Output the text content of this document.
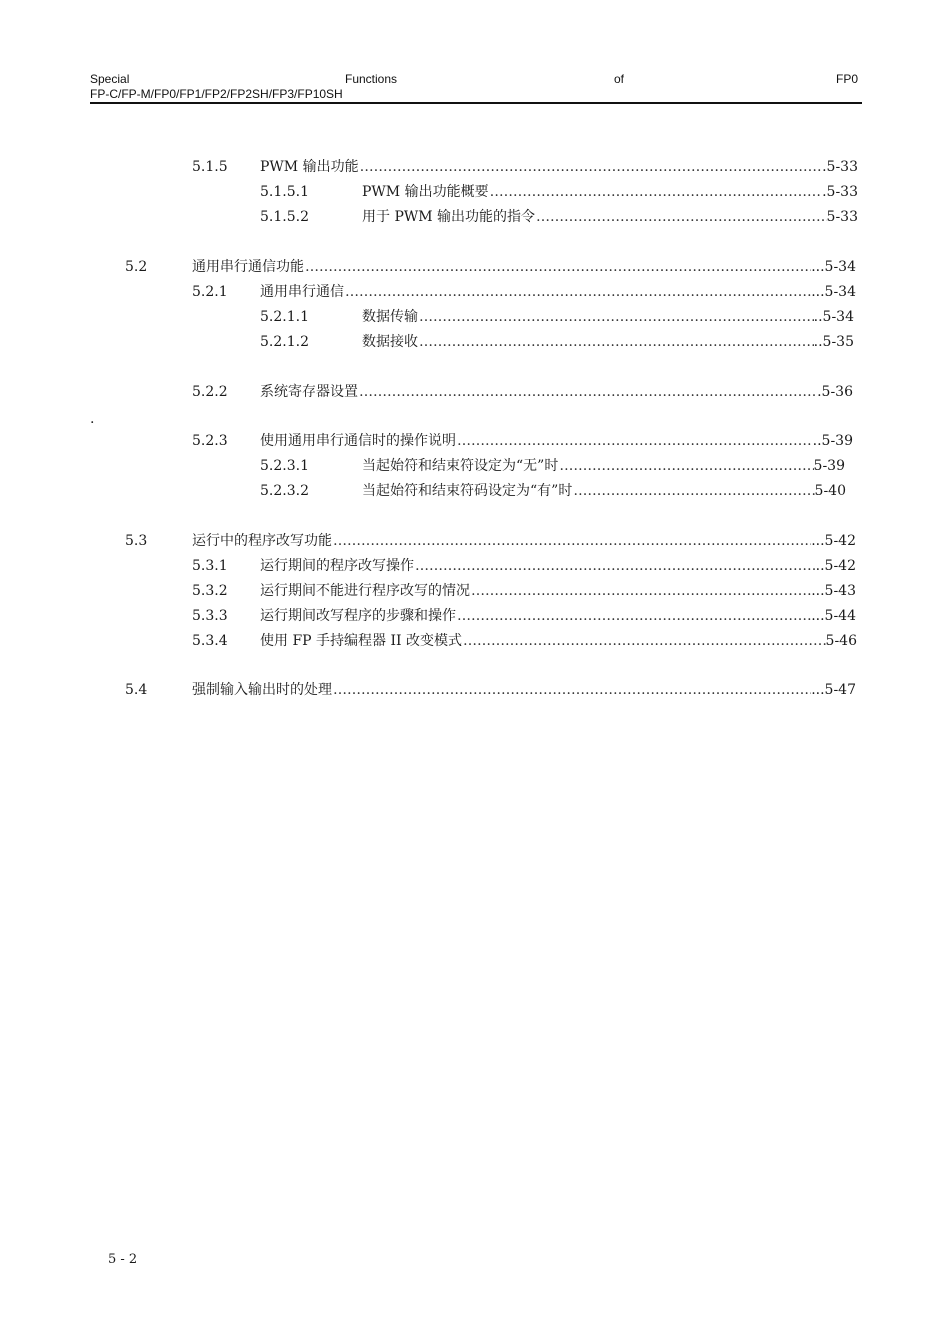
Special	Functions	of	FP0
FP-C/FP-M/FP0/FP1/FP2/FP2SH/FP3/FP10SH
5.1.5 PWM 输出功能 ……………………………………………………………………………………………………………………………………………………………………………………………	.5-33
5.1.5.1	PWM 输出功能概要 ……………………………………………………………………………………………………………………………………………………………………………………………	.5-33
5.1.5.2	用于 PWM 输出功能的指令 ……………………………………………………………………………………………………………………………………………………………………………………………	5-33
5.2	通用串行通信功能 ……………………………………………………………………………………………………………………………………………………………………………………………	...5-34
5.2.1 通用串行通信 ……………………………………………………………………………………………………………………………………………………………………………………………	...5-34
5.2.1.1	数据传输 ……………………………………………………………………………………………………………………………………………………………………………………………	..5-34
5.2.1.2	数据接收 ……………………………………………………………………………………………………………………………………………………………………………………………	..5-35
5.2.2 系统寄存器设置 ……………………………………………………………………………………………………………………………………………………………………………………………	.5-36
.
5.2.3 使用通用串行通信时的操作说明 ……………………………………………………………………………………………………………………………………………………………………………………………	..5-39
5.2.3.1	当起始符和结束符设定为“无”时 ……………………………………………………………………………………………………………………………………………………………………………………………	5-39
5.2.3.2	当起始符和结束符码设定为“有”时 ……………………………………………………………………………………………………………………………………………………………………………………………	5-40
5.3	运行中的程序改写功能 ……………………………………………………………………………………………………………………………………………………………………………………………	...5-42
5.3.1 运行期间的程序改写操作 ……………………………………………………………………………………………………………………………………………………………………………………………	..5-42
5.3.2 运行期间不能进行程序改写的情况 ……………………………………………………………………………………………………………………………………………………………………………………………	...5-43
5.3.3 运行期间改写程序的步骤和操作 ……………………………………………………………………………………………………………………………………………………………………………………………	...5-44
5.3.4 使用 FP 手持编程器 II 改变模式 ……………………………………………………………………………………………………………………………………………………………………………………………	5-46
5.4	强制输入输出时的处理 ……………………………………………………………………………………………………………………………………………………………………………………………	...5-47
5 - 2
